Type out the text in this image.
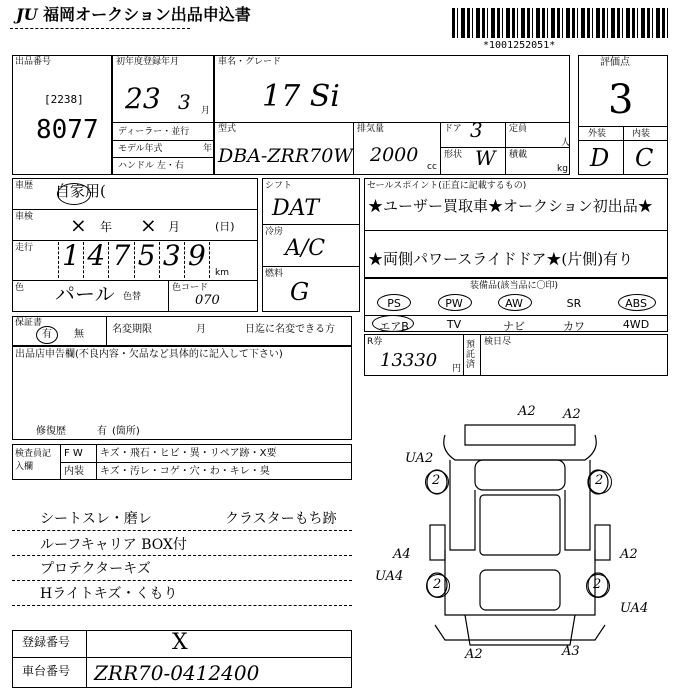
JU 福岡オークション出品申込書
*1001252051*
出品番号
[2238]
8077
初年度登録年月
23 3 月
ディーラー・並行
モデル年式	年
ハンドル 左・右
車名・グレード
17 Si
型式
DBA-ZRR70W
排気量
2000
cc
ドア 3	定員
人
形状 W 積載
kg
評価点
3
外装	内装
D C
車歴 自家用(
車検 × 年 × 月	(日)
走行 1 4 7 5 3 9
km
色 パール 色替
色コード
070
シフト
DAT
冷房
A/C
燃料
G
セールスポイント(正直に記載するもの)
★ユーザー買取車★オークション初出品★
★両側パワースライドドア★(片側)有り
装備品(該当品に〇印)
PS	PW	AW	SR	ABS
エアB	TV	ナビ	カワ	4WD
R券
13330 円
預託済
検日尽
保証書
有 無	名変期限	月	日迄に名変できる方
出品店申告欄(不良内容・欠品など具体的に記入して下さい)
修復歴	有 (箇所)
検査員記入欄
F W キズ・飛石・ヒビ・異・リペア跡・X要
内装 キズ・汚レ・コゲ・穴・わ・キレ・臭
シートスレ・磨レ	クラスターもち跡
ルーフキャリア BOX付
プロテクターキズ
Hライトキズ・くもり
登録番号	X
車台番号 ZRR70-0412400
A2 A2
UA2
2	2
A4
UA4
2
A2
2
UA4
A2	A3
